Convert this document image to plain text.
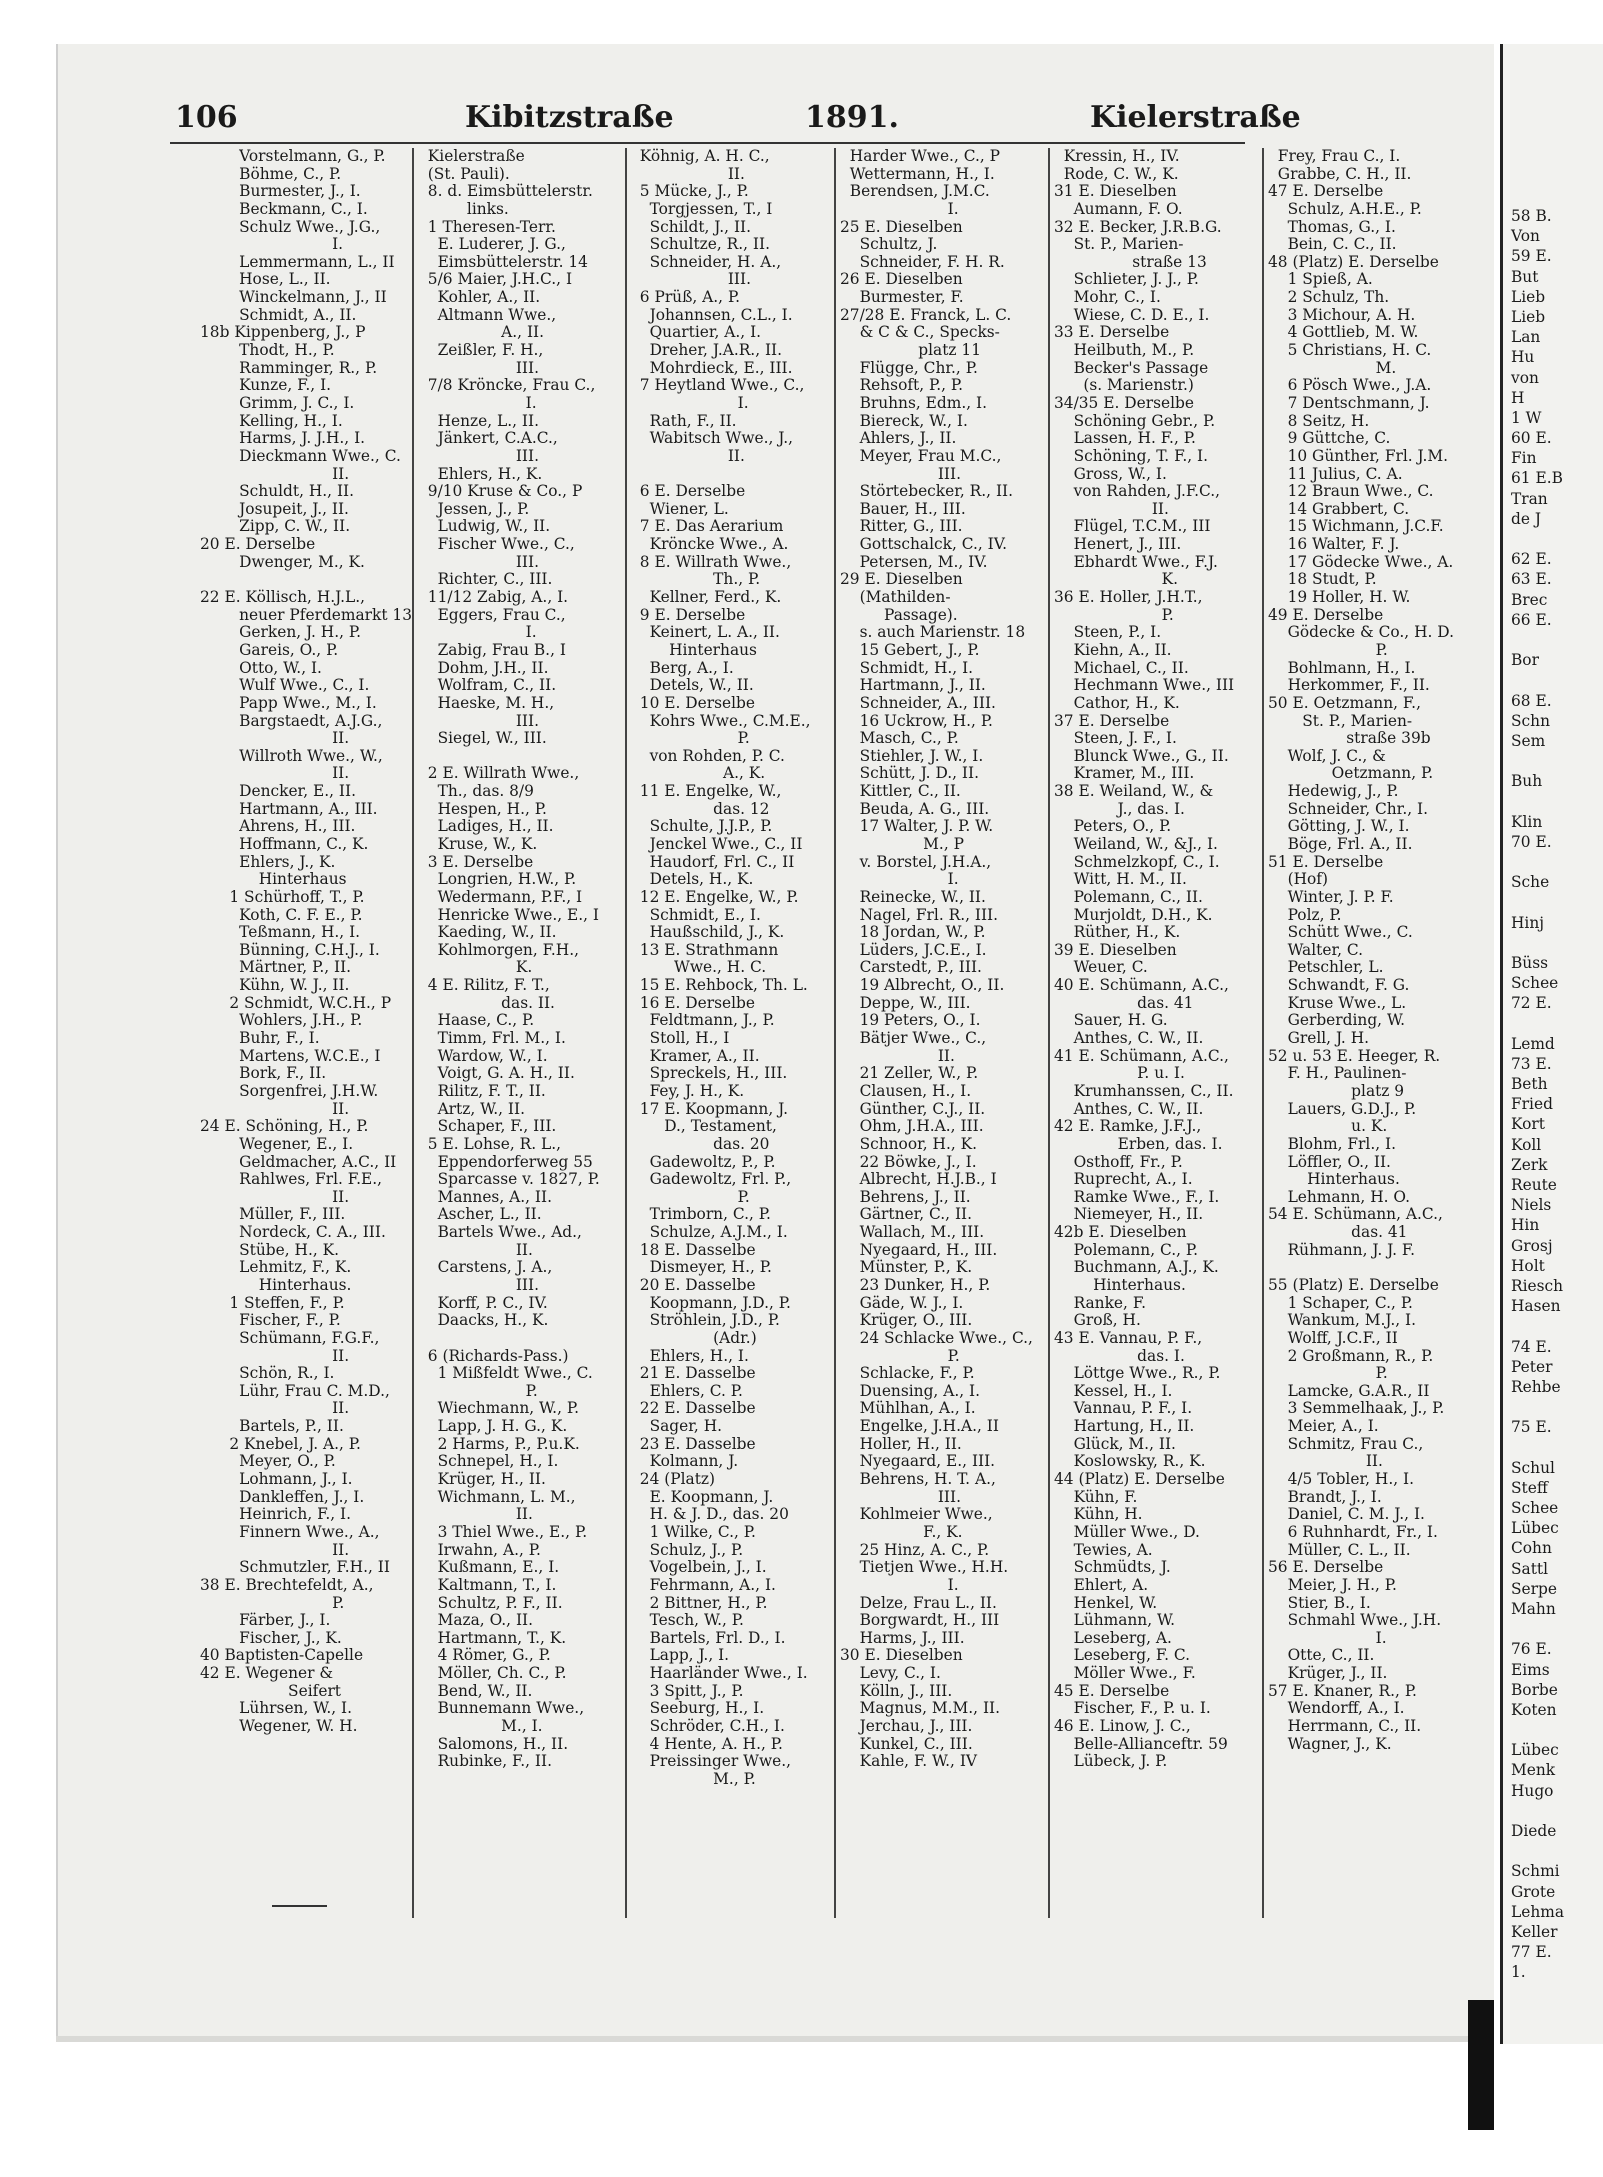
106	Kibitzstraße	1891.	Kielerstraße
Vorstelmann, G., P.
Böhme, C., P.
Burmester, J., I.
Beckmann, C., I.
Schulz Wwe., J.G.,
I.
Lemmermann, L., II
Hose, L., II.
Winckelmann, J., II
Schmidt, A., II.
18b Kippenberg, J., P
Thodt, H., P.
Ramminger, R., P.
Kunze, F., I.
Grimm, J. C., I.
Kelling, H., I.
Harms, J. J.H., I.
Dieckmann Wwe., C.
II.
Schuldt, H., II.
Josupeit, J., II.
Zipp, C. W., II.
20 E. Derselbe
Dwenger, M., K.
22 E. Köllisch, H.J.L.,
neuer Pferdemarkt 13
Gerken, J. H., P.
Gareis, O., P.
Otto, W., I.
Wulf Wwe., C., I.
Papp Wwe., M., I.
Bargstaedt, A.J.G.,
II.
Willroth Wwe., W.,
II.
Dencker, E., II.
Hartmann, A., III.
Ahrens, H., III.
Hoffmann, C., K.
Ehlers, J., K.
Hinterhaus
1 Schürhoff, T., P.
Koth, C. F. E., P.
Teßmann, H., I.
Bünning, C.H.J., I.
Märtner, P., II.
Kühn, W. J., II.
2 Schmidt, W.C.H., P
Wohlers, J.H., P.
Buhr, F., I.
Martens, W.C.E., I
Bork, F., II.
Sorgenfrei, J.H.W.
II.
24 E. Schöning, H., P.
Wegener, E., I.
Geldmacher, A.C., II
Rahlwes, Frl. F.E.,
II.
Müller, F., III.
Nordeck, C. A., III.
Stübe, H., K.
Lehmitz, F., K.
Hinterhaus.
1 Steffen, F., P.
Fischer, F., P.
Schümann, F.G.F.,
II.
Schön, R., I.
Lühr, Frau C. M.D.,
II.
Bartels, P., II.
2 Knebel, J. A., P.
Meyer, O., P.
Lohmann, J., I.
Dankleffen, J., I.
Heinrich, F., I.
Finnern Wwe., A.,
II.
Schmutzler, F.H., II
38 E. Brechtefeldt, A.,
P.
Färber, J., I.
Fischer, J., K.
40 Baptisten-Capelle
42 E. Wegener &
Seifert
Lührsen, W., I.
Wegener, W. H.
Kielerstraße
(St. Pauli).
8. d. Eimsbüttelerstr.
links.
1 Theresen-Terr.
E. Luderer, J. G.,
Eimsbüttelerstr. 14
5/6 Maier, J.H.C., I
Kohler, A., II.
Altmann Wwe.,
A., II.
Zeißler, F. H.,
III.
7/8 Kröncke, Frau C.,
I.
Henze, L., II.
Jänkert, C.A.C.,
III.
Ehlers, H., K.
9/10 Kruse & Co., P
Jessen, J., P.
Ludwig, W., II.
Fischer Wwe., C.,
III.
Richter, C., III.
11/12 Zabig, A., I.
Eggers, Frau C.,
I.
Zabig, Frau B., I
Dohm, J.H., II.
Wolfram, C., II.
Haeske, M. H.,
III.
Siegel, W., III.
2 E. Willrath Wwe.,
Th., das. 8/9
Hespen, H., P.
Ladiges, H., II.
Kruse, W., K.
3 E. Derselbe
Longrien, H.W., P.
Wedermann, P.F., I
Henricke Wwe., E., I
Kaeding, W., II.
Kohlmorgen, F.H.,
K.
4 E. Rilitz, F. T.,
das. II.
Haase, C., P.
Timm, Frl. M., I.
Wardow, W., I.
Voigt, G. A. H., II.
Rilitz, F. T., II.
Artz, W., II.
Schaper, F., III.
5 E. Lohse, R. L.,
Eppendorferweg 55
Sparcasse v. 1827, P.
Mannes, A., II.
Ascher, L., II.
Bartels Wwe., Ad.,
II.
Carstens, J. A.,
III.
Korff, P. C., IV.
Daacks, H., K.
6 (Richards-Pass.)
1 Mißfeldt Wwe., C.
P.
Wiechmann, W., P.
Lapp, J. H. G., K.
2 Harms, P., P.u.K.
Schnepel, H., I.
Krüger, H., II.
Wichmann, L. M.,
II.
3 Thiel Wwe., E., P.
Irwahn, A., P.
Kußmann, E., I.
Kaltmann, T., I.
Schultz, P. F., II.
Maza, O., II.
Hartmann, T., K.
4 Römer, G., P.
Möller, Ch. C., P.
Bend, W., II.
Bunnemann Wwe.,
M., I.
Salomons, H., II.
Rubinke, F., II.
Köhnig, A. H. C.,
II.
5 Mücke, J., P.
Torgjessen, T., I
Schildt, J., II.
Schultze, R., II.
Schneider, H. A.,
III.
6 Prüß, A., P.
Johannsen, C.L., I.
Quartier, A., I.
Dreher, J.A.R., II.
Mohrdieck, E., III.
7 Heytland Wwe., C.,
I.
Rath, F., II.
Wabitsch Wwe., J.,
II.
6 E. Derselbe
Wiener, L.
7 E. Das Aerarium
Kröncke Wwe., A.
8 E. Willrath Wwe.,
Th., P.
Kellner, Ferd., K.
9 E. Derselbe
Keinert, L. A., II.
Hinterhaus
Berg, A., I.
Detels, W., II.
10 E. Derselbe
Kohrs Wwe., C.M.E.,
P.
von Rohden, P. C.
A., K.
11 E. Engelke, W.,
das. 12
Schulte, J.J.P., P.
Jenckel Wwe., C., II
Haudorf, Frl. C., II
Detels, H., K.
12 E. Engelke, W., P.
Schmidt, E., I.
Haußschild, J., K.
13 E. Strathmann
Wwe., H. C.
15 E. Rehbock, Th. L.
16 E. Derselbe
Feldtmann, J., P.
Stoll, H., I
Kramer, A., II.
Spreckels, H., III.
Fey, J. H., K.
17 E. Koopmann, J.
D., Testament,
das. 20
Gadewoltz, P., P.
Gadewoltz, Frl. P.,
P.
Trimborn, C., P.
Schulze, A.J.M., I.
18 E. Dasselbe
Dismeyer, H., P.
20 E. Dasselbe
Koopmann, J.D., P.
Ströhlein, J.D., P.
(Adr.)
Ehlers, H., I.
21 E. Dasselbe
Ehlers, C. P.
22 E. Dasselbe
Sager, H.
23 E. Dasselbe
Kolmann, J.
24 (Platz)
E. Koopmann, J.
H. & J. D., das. 20
1 Wilke, C., P.
Schulz, J., P.
Vogelbein, J., I.
Fehrmann, A., I.
2 Bittner, H., P.
Tesch, W., P.
Bartels, Frl. D., I.
Lapp, J., I.
Haarländer Wwe., I.
3 Spitt, J., P.
Seeburg, H., I.
Schröder, C.H., I.
4 Hente, A. H., P.
Preissinger Wwe.,
M., P.
Harder Wwe., C., P
Wettermann, H., I.
Berendsen, J.M.C.
I.
25 E. Dieselben
Schultz, J.
Schneider, F. H. R.
26 E. Dieselben
Burmester, F.
27/28 E. Franck, L. C.
& C & C., Specks-
platz 11
Flügge, Chr., P.
Rehsoft, P., P.
Bruhns, Edm., I.
Biereck, W., I.
Ahlers, J., II.
Meyer, Frau M.C.,
III.
Störtebecker, R., II.
Bauer, H., III.
Ritter, G., III.
Gottschalck, C., IV.
Petersen, M., IV.
29 E. Dieselben
(Mathilden-
Passage).
s. auch Marienstr. 18
15 Gebert, J., P.
Schmidt, H., I.
Hartmann, J., II.
Schneider, A., III.
16 Uckrow, H., P.
Masch, C., P.
Stiehler, J. W., I.
Schütt, J. D., II.
Kittler, C., II.
Beuda, A. G., III.
17 Walter, J. P. W.
M., P
v. Borstel, J.H.A.,
I.
Reinecke, W., II.
Nagel, Frl. R., III.
18 Jordan, W., P.
Lüders, J.C.E., I.
Carstedt, P., III.
19 Albrecht, O., II.
Deppe, W., III.
19 Peters, O., I.
Bätjer Wwe., C.,
II.
21 Zeller, W., P.
Clausen, H., I.
Günther, C.J., II.
Ohm, J.H.A., III.
Schnoor, H., K.
22 Böwke, J., I.
Albrecht, H.J.B., I
Behrens, J., II.
Gärtner, C., II.
Wallach, M., III.
Nyegaard, H., III.
Münster, P., K.
23 Dunker, H., P.
Gäde, W. J., I.
Krüger, O., III.
24 Schlacke Wwe., C.,
P.
Schlacke, F., P.
Duensing, A., I.
Mühlhan, A., I.
Engelke, J.H.A., II
Holler, H., II.
Nyegaard, E., III.
Behrens, H. T. A.,
III.
Kohlmeier Wwe.,
F., K.
25 Hinz, A. C., P.
Tietjen Wwe., H.H.
I.
Delze, Frau L., II.
Borgwardt, H., III
Harms, J., III.
30 E. Dieselben
Levy, C., I.
Kölln, J., III.
Magnus, M.M., II.
Jerchau, J., III.
Kunkel, C., III.
Kahle, F. W., IV
Kressin, H., IV.
Rode, C. W., K.
31 E. Dieselben
Aumann, F. O.
32 E. Becker, J.R.B.G.
St. P., Marien-
straße 13
Schlieter, J. J., P.
Mohr, C., I.
Wiese, C. D. E., I.
33 E. Derselbe
Heilbuth, M., P.
Becker's Passage
(s. Marienstr.)
34/35 E. Derselbe
Schöning Gebr., P.
Lassen, H. F., P.
Schöning, T. F., I.
Gross, W., I.
von Rahden, J.F.C.,
II.
Flügel, T.C.M., III
Henert, J., III.
Ebhardt Wwe., F.J.
K.
36 E. Holler, J.H.T.,
P.
Steen, P., I.
Kiehn, A., II.
Michael, C., II.
Hechmann Wwe., III
Cathor, H., K.
37 E. Derselbe
Steen, J. F., I.
Blunck Wwe., G., II.
Kramer, M., III.
38 E. Weiland, W., &
J., das. I.
Peters, O., P.
Weiland, W., &J., I.
Schmelzkopf, C., I.
Witt, H. M., II.
Polemann, C., II.
Murjoldt, D.H., K.
Rüther, H., K.
39 E. Dieselben
Weuer, C.
40 E. Schümann, A.C.,
das. 41
Sauer, H. G.
Anthes, C. W., II.
41 E. Schümann, A.C.,
P. u. I.
Krumhanssen, C., II.
Anthes, C. W., II.
42 E. Ramke, J.F.J.,
Erben, das. I.
Osthoff, Fr., P.
Ruprecht, A., I.
Ramke Wwe., F., I.
Niemeyer, H., II.
42b E. Dieselben
Polemann, C., P.
Buchmann, A.J., K.
Hinterhaus.
Ranke, F.
Groß, H.
43 E. Vannau, P. F.,
das. I.
Löttge Wwe., R., P.
Kessel, H., I.
Vannau, P. F., I.
Hartung, H., II.
Glück, M., II.
Koslowsky, R., K.
44 (Platz) E. Derselbe
Kühn, F.
Kühn, H.
Müller Wwe., D.
Tewies, A.
Schmüdts, J.
Ehlert, A.
Henkel, W.
Lühmann, W.
Leseberg, A.
Leseberg, F. C.
Möller Wwe., F.
45 E. Derselbe
Fischer, F., P. u. I.
46 E. Linow, J. C.,
Belle-Allianceftr. 59
Lübeck, J. P.
Frey, Frau C., I.
Grabbe, C. H., II.
47 E. Derselbe
Schulz, A.H.E., P.
Thomas, G., I.
Bein, C. C., II.
48 (Platz) E. Derselbe
1 Spieß, A.
2 Schulz, Th.
3 Michour, A. H.
4 Gottlieb, M. W.
5 Christians, H. C.
M.
6 Pösch Wwe., J.A.
7 Dentschmann, J.
8 Seitz, H.
9 Güttche, C.
10 Günther, Frl. J.M.
11 Julius, C. A.
12 Braun Wwe., C.
14 Grabbert, C.
15 Wichmann, J.C.F.
16 Walter, F. J.
17 Gödecke Wwe., A.
18 Studt, P.
19 Holler, H. W.
49 E. Derselbe
Gödecke & Co., H. D.
P.
Bohlmann, H., I.
Herkommer, F., II.
50 E. Oetzmann, F.,
St. P., Marien-
straße 39b
Wolf, J. C., &
Oetzmann, P.
Hedewig, J., P.
Schneider, Chr., I.
Götting, J. W., I.
Böge, Frl. A., II.
51 E. Derselbe
(Hof)
Winter, J. P. F.
Polz, P.
Schütt Wwe., C.
Walter, C.
Petschler, L.
Schwandt, F. G.
Kruse Wwe., L.
Gerberding, W.
Grell, J. H.
52 u. 53 E. Heeger, R.
F. H., Paulinen-
platz 9
Lauers, G.D.J., P.
u. K.
Blohm, Frl., I.
Löffler, O., II.
Hinterhaus.
Lehmann, H. O.
54 E. Schümann, A.C.,
das. 41
Rühmann, J. J. F.
55 (Platz) E. Derselbe
1 Schaper, C., P.
Wankum, M.J., I.
Wolff, J.C.F., II
2 Großmann, R., P.
P.
Lamcke, G.A.R., II
3 Semmelhaak, J., P.
Meier, A., I.
Schmitz, Frau C.,
II.
4/5 Tobler, H., I.
Brandt, J., I.
Daniel, C. M. J., I.
6 Ruhnhardt, Fr., I.
Müller, C. L., II.
56 E. Derselbe
Meier, J. H., P.
Stier, B., I.
Schmahl Wwe., J.H.
I.
Otte, C., II.
Krüger, J., II.
57 E. Knaner, R., P.
Wendorff, A., I.
Herrmann, C., II.
Wagner, J., K.
58 B.
Von
59 E.
But
Lieb
Lieb
Lan
Hu
von
H
1 W
60 E.
Fin
61 E.B
Tran
de J
62 E.
63 E.
Brec
66 E.
Bor
68 E.
Schn
Sem
Buh
Klin
70 E.
Sche
Hinj
Büss
Schee
72 E.
Lemd
73 E.
Beth
Fried
Kort
Koll
Zerk
Reute
Niels
Hin
Grosj
Holt
Riesch
Hasen
74 E.
Peter
Rehbe
75 E.
Schul
Steff
Schee
Lübec
Cohn
Sattl
Serpe
Mahn
76 E.
Eims
Borbe
Koten
Lübec
Menk
Hugo
Diede
Schmi
Grote
Lehma
Keller
77 E.
1.
